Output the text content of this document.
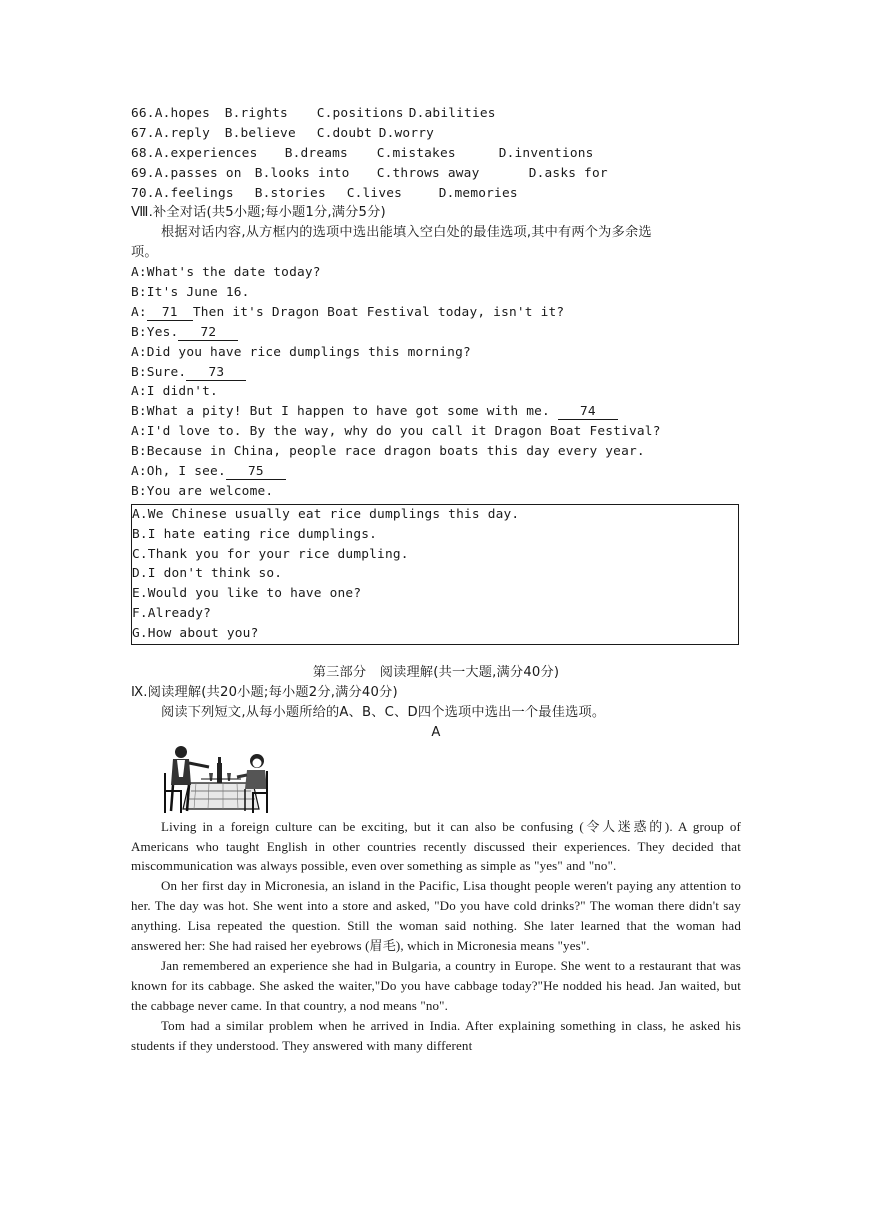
66.A.hopes B.rights C.positions D.abilities
67.A.reply B.believe C.doubt D.worry
68.A.experiences B.dreams C.mistakes	D.inventions
69.A.passes on B.looks into C.throws away	D.asks for
70.A.feelings B.stories C.lives	D.memories
Ⅷ.补全对话(共5小题;每小题1分,满分5分)
根据对话内容,从方框内的选项中选出能填入空白处的最佳选项,其中有两个为多余选
项。
A:What's the date today?
B:It's June 16.
A: 71 Then it's Dragon Boat Festival today, isn't it?
B:Yes. 72
A:Did you have rice dumplings this morning?
B:Sure. 73
A:I didn't.
B:What a pity! But I happen to have got some with me. 74
A:I'd love to. By the way, why do you call it Dragon Boat Festival?
B:Because in China, people race dragon boats this day every year.
A:Oh, I see. 75
B:You are welcome.
A.We Chinese usually eat rice dumplings this day.
B.I hate eating rice dumplings.
C.Thank you for your rice dumpling.
D.I don't think so.
E.Would you like to have one?
F.Already?
G.How about you?
第三部分　阅读理解(共一大题,满分40分)
Ⅸ.阅读理解(共20小题;每小题2分,满分40分)
阅读下列短文,从每小题所给的A、B、C、D四个选项中选出一个最佳选项。
A
Living in a foreign culture can be exciting, but it can also be confusing (令人迷惑的). A group of Americans who taught English in other countries recently discussed their experiences. They decided that miscommunication was always possible, even over something as simple as "yes" and "no".
On her first day in Micronesia, an island in the Pacific, Lisa thought people weren't paying any attention to her. The day was hot. She went into a store and asked, "Do you have cold drinks?" The woman there didn't say anything. Lisa repeated the question. Still the woman said nothing. She later learned that the woman had answered her: She had raised her eyebrows (眉毛), which in Micronesia means "yes".
Jan remembered an experience she had in Bulgaria, a country in Europe. She went to a restaurant that was known for its cabbage. She asked the waiter,"Do you have cabbage today?"He nodded his head. Jan waited, but the cabbage never came. In that country, a nod means "no".
Tom had a similar problem when he arrived in India. After explaining something in class, he asked his students if they understood. They answered with many different
